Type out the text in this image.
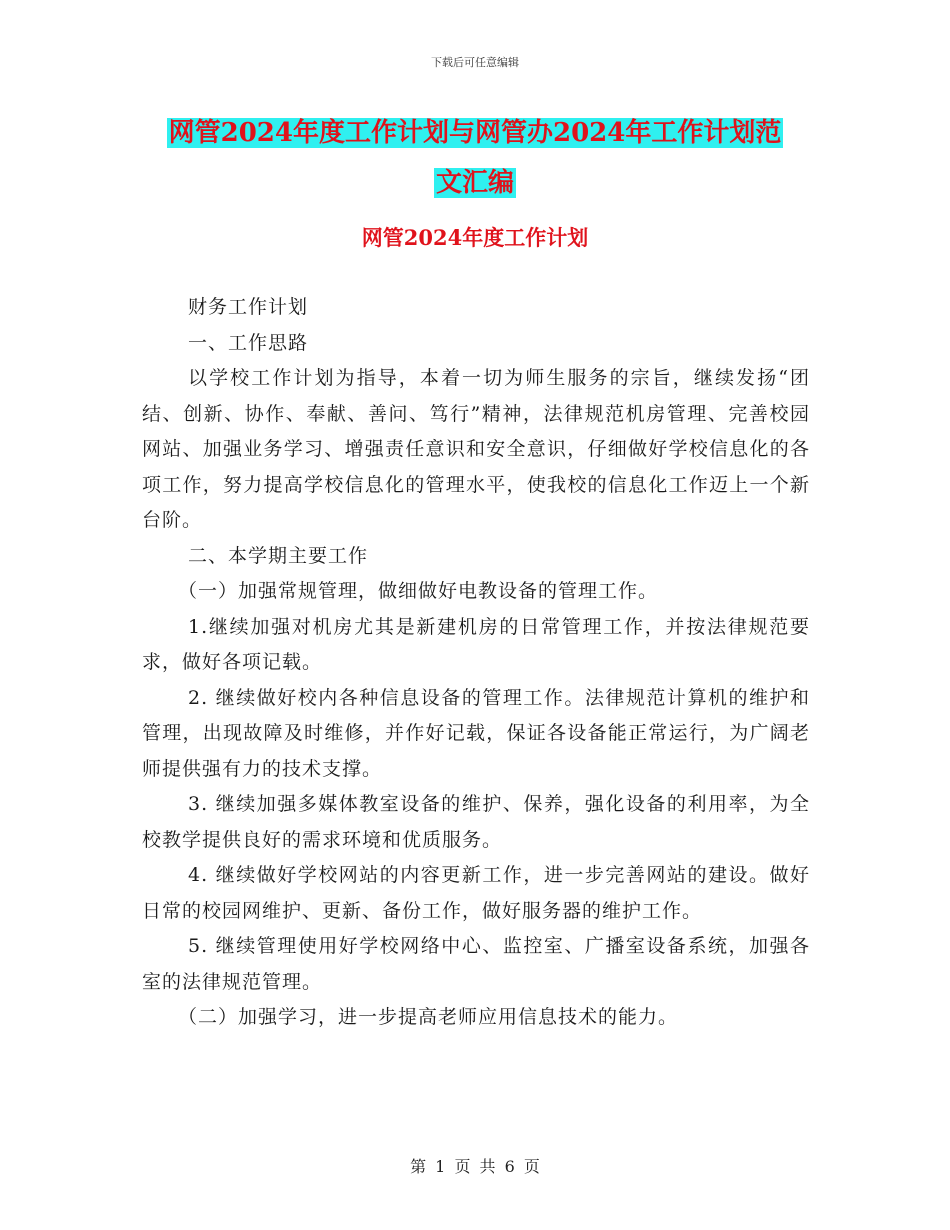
下载后可任意编辑
网管2024年度工作计划与网管办2024年工作计划范
文汇编
网管2024年度工作计划

财务工作计划

一、工作思路

以学校工作计划为指导，本着一切为师生服务的宗旨，继续发扬“团结、创新、协作、奉献、善问、笃行”精神，法律规范机房管理、完善校园网站、加强业务学习、增强责任意识和安全意识，仔细做好学校信息化的各项工作，努力提高学校信息化的管理水平，使我校的信息化工作迈上一个新台阶。

二、本学期主要工作

（一）加强常规管理，做细做好电教设备的管理工作。

1.继续加强对机房尤其是新建机房的日常管理工作，并按法律规范要求，做好各项记载。

2. 继续做好校内各种信息设备的管理工作。法律规范计算机的维护和管理，出现故障及时维修，并作好记载，保证各设备能正常运行，为广阔老师提供强有力的技术支撑。

3. 继续加强多媒体教室设备的维护、保养，强化设备的利用率，为全校教学提供良好的需求环境和优质服务。

4. 继续做好学校网站的内容更新工作，进一步完善网站的建设。做好日常的校园网维护、更新、备份工作，做好服务器的维护工作。

5. 继续管理使用好学校网络中心、监控室、广播室设备系统，加强各室的法律规范管理。

（二）加强学习，进一步提高老师应用信息技术的能力。

第 1 页 共 6 页
